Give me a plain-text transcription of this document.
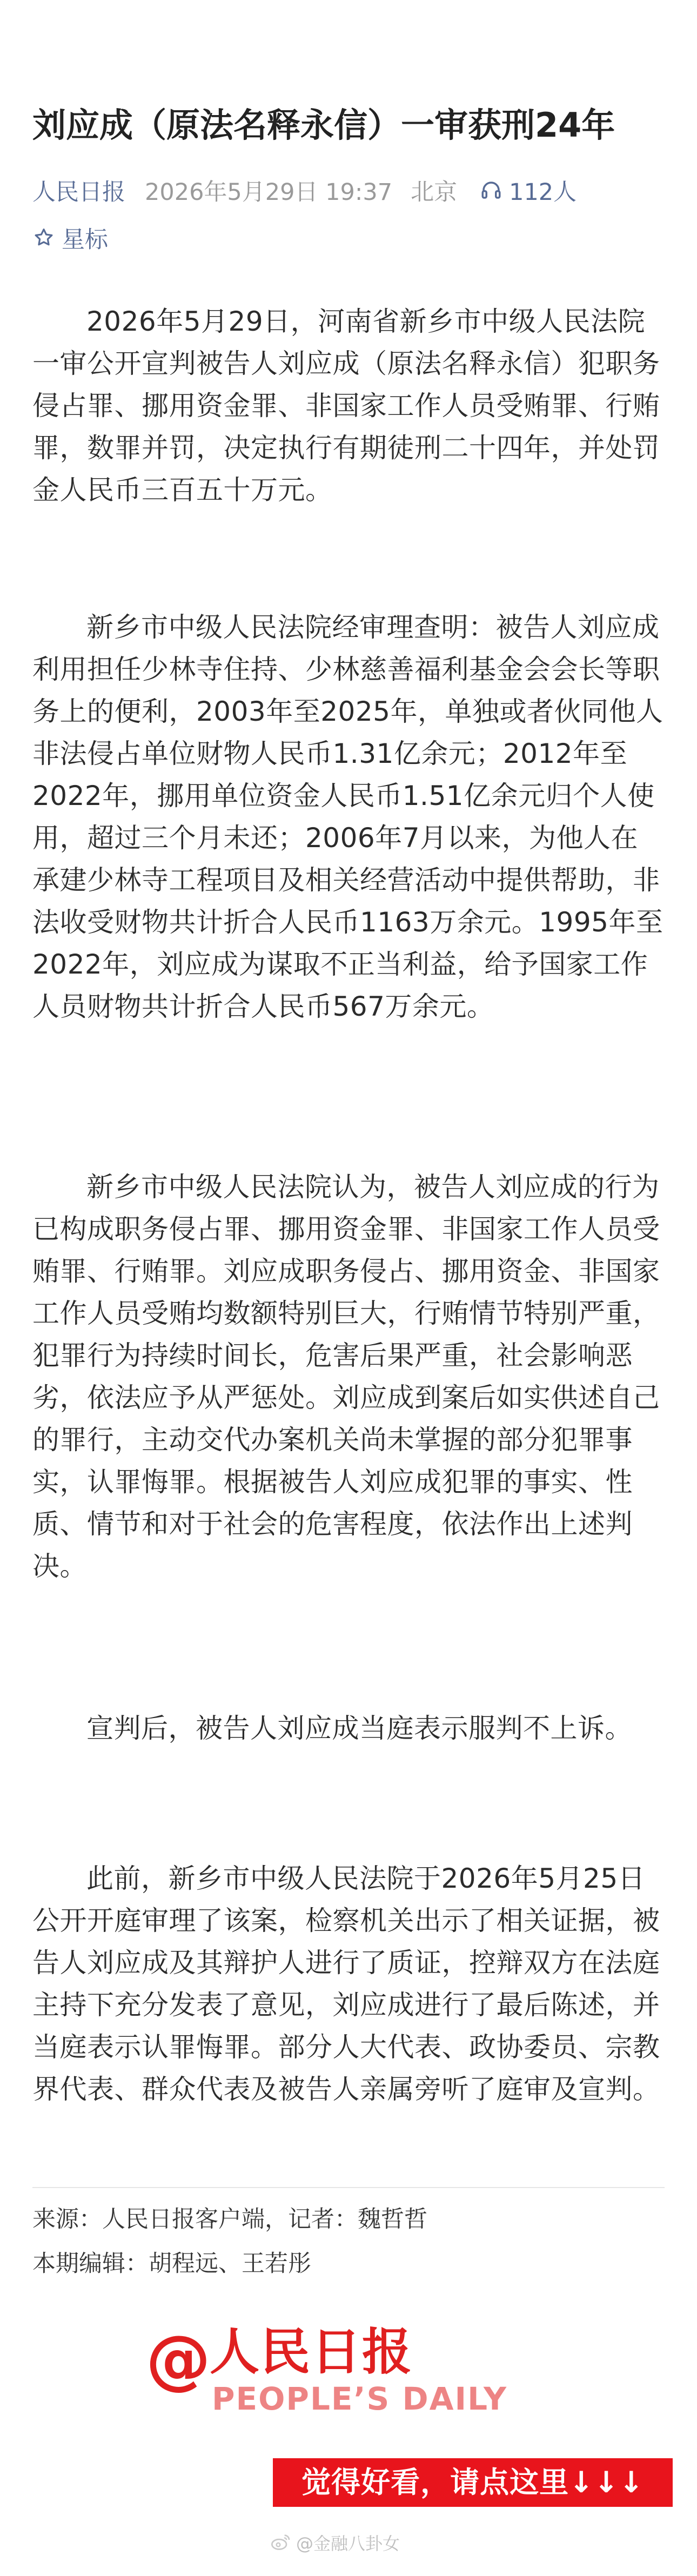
刘应成（原法名释永信）一审获刑24年
人民日报 2026年5月29日 19:37 北京 112人
星标

2026年5月29日，河南省新乡市中级人民法院一审公开宣判被告人刘应成（原法名释永信）犯职务侵占罪、挪用资金罪、非国家工作人员受贿罪、行贿罪，数罪并罚，决定执行有期徒刑二十四年，并处罚金人民币三百五十万元。

新乡市中级人民法院经审理查明：被告人刘应成利用担任少林寺住持、少林慈善福利基金会会长等职务上的便利，2003年至2025年，单独或者伙同他人非法侵占单位财物人民币1.31亿余元；2012年至2022年，挪用单位资金人民币1.51亿余元归个人使用，超过三个月未还；2006年7月以来，为他人在承建少林寺工程项目及相关经营活动中提供帮助，非法收受财物共计折合人民币1163万余元。1995年至2022年，刘应成为谋取不正当利益，给予国家工作人员财物共计折合人民币567万余元。

新乡市中级人民法院认为，被告人刘应成的行为已构成职务侵占罪、挪用资金罪、非国家工作人员受贿罪、行贿罪。刘应成职务侵占、挪用资金、非国家工作人员受贿均数额特别巨大，行贿情节特别严重，犯罪行为持续时间长，危害后果严重，社会影响恶劣，依法应予从严惩处。刘应成到案后如实供述自己的罪行，主动交代办案机关尚未掌握的部分犯罪事实，认罪悔罪。根据被告人刘应成犯罪的事实、性质、情节和对于社会的危害程度，依法作出上述判决。

宣判后，被告人刘应成当庭表示服判不上诉。

此前，新乡市中级人民法院于2026年5月25日公开开庭审理了该案，检察机关出示了相关证据，被告人刘应成及其辩护人进行了质证，控辩双方在法庭主持下充分发表了意见，刘应成进行了最后陈述，并当庭表示认罪悔罪。部分人大代表、政协委员、宗教界代表、群众代表及被告人亲属旁听了庭审及宣判。

来源：人民日报客户端，记者：魏哲哲
本期编辑：胡程远、王若彤
@
人民日报
PEOPLE’S DAILY
觉得好看，请点这里↓↓↓
@金融八卦女
